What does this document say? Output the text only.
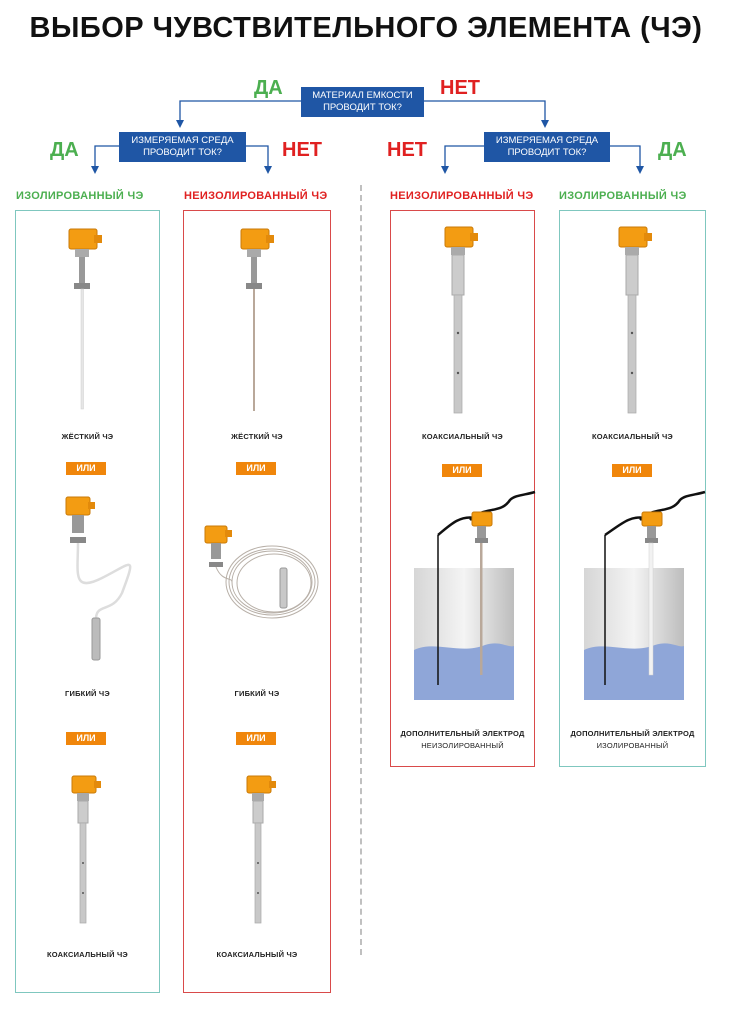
ВЫБОР ЧУВСТВИТЕЛЬНОГО ЭЛЕМЕНТА (ЧЭ)
МАТЕРИАЛ ЕМКОСТИ
ПРОВОДИТ ТОК?
ДА	НЕТ
ИЗМЕРЯЕМАЯ СРЕДА
ПРОВОДИТ ТОК?
ДА	НЕТ	ИЗМЕРЯЕМАЯ СРЕДА
ПРОВОДИТ ТОК?
НЕТ	ДА
ИЗОЛИРОВАННЫЙ ЧЭ	НЕИЗОЛИРОВАННЫЙ ЧЭ	НЕИЗОЛИРОВАННЫЙ ЧЭ ИЗОЛИРОВАННЫЙ ЧЭ
ЖЁСТКИЙ ЧЭ
ИЛИ
ГИБКИЙ ЧЭ
ИЛИ
КОАКСИАЛЬНЫЙ ЧЭ
ЖЁСТКИЙ ЧЭ
ИЛИ
ГИБКИЙ ЧЭ
ИЛИ
КОАКСИАЛЬНЫЙ ЧЭ
КОАКСИАЛЬНЫЙ ЧЭ
ИЛИ
ДОПОЛНИТЕЛЬНЫЙ ЭЛЕКТРОД
НЕИЗОЛИРОВАННЫЙ
КОАКСИАЛЬНЫЙ ЧЭ
ИЛИ
ДОПОЛНИТЕЛЬНЫЙ ЭЛЕКТРОД
ИЗОЛИРОВАННЫЙ
